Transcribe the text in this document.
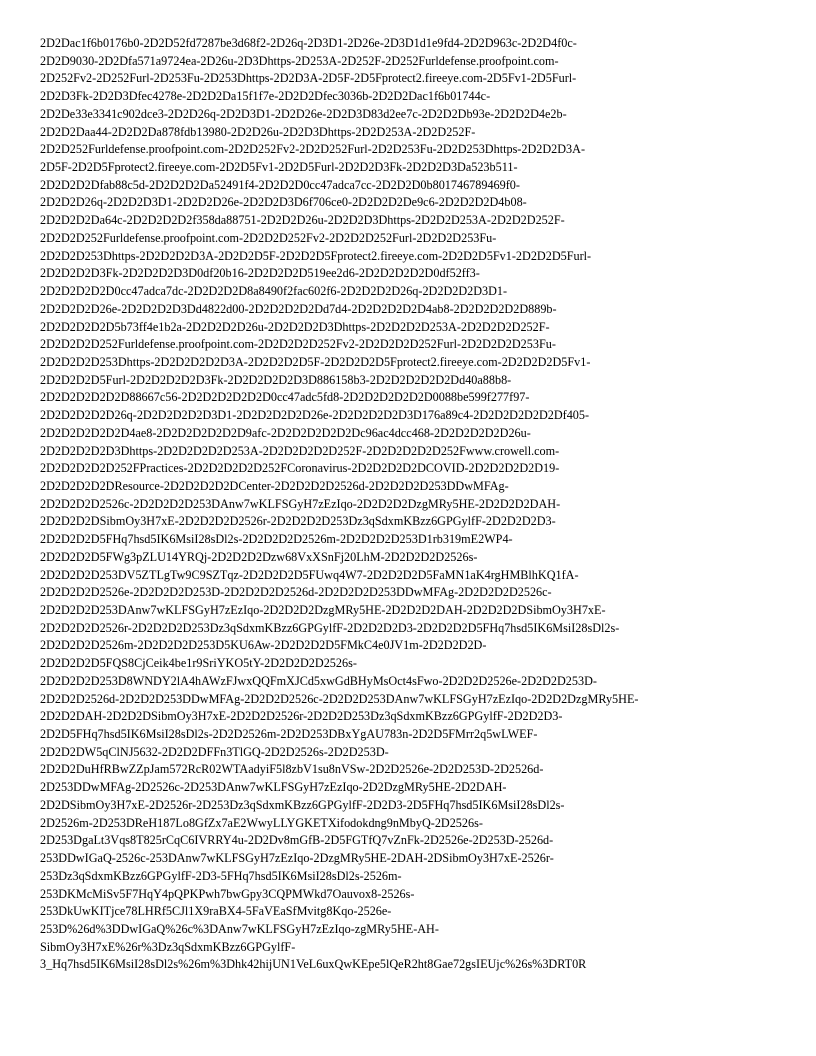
2D2Dac1f6b0176b0-2D2D52fd7287be3d68f2-2D26q-2D3D1-2D26e-2D3D1d1e9fd4-2D2D963c-2D2D4f0c-
2D2D9030-2D2Dfa571a9724ea-2D26u-2D3Dhttps-2D253A-2D252F-2D252Furldefense.proofpoint.com-
2D252Fv2-2D252Furl-2D253Fu-2D253Dhttps-2D2D3A-2D5F-2D5Fprotect2.fireeye.com-2D5Fv1-2D5Furl-
2D2D3Fk-2D2D3Dfec4278e-2D2D2Da15f1f7e-2D2D2Dfec3036b-2D2D2Dac1f6b01744c-
2D2De33e3341c902dce3-2D2D26q-2D2D3D1-2D2D26e-2D2D3D83d2ee7c-2D2D2Db93e-2D2D2D4e2b-
2D2D2Daa44-2D2D2Da878fdb13980-2D2D26u-2D2D3Dhttps-2D2D253A-2D2D252F-
2D2D252Furldefense.proofpoint.com-2D2D252Fv2-2D2D252Furl-2D2D253Fu-2D2D253Dhttps-2D2D2D3A-
2D5F-2D2D5Fprotect2.fireeye.com-2D2D5Fv1-2D2D5Furl-2D2D2D3Fk-2D2D2D3Da523b511-
2D2D2D2Dfab88c5d-2D2D2D2Da52491f4-2D2D2D0cc47adca7cc-2D2D2D0b801746789469f0-
2D2D2D26q-2D2D2D3D1-2D2D2D26e-2D2D2D3D6f706ce0-2D2D2D2De9c6-2D2D2D2D4b08-
2D2D2D2Da64c-2D2D2D2D2f358da88751-2D2D2D26u-2D2D2D3Dhttps-2D2D2D253A-2D2D2D252F-
2D2D2D252Furldefense.proofpoint.com-2D2D2D252Fv2-2D2D2D252Furl-2D2D2D253Fu-
2D2D2D253Dhttps-2D2D2D2D3A-2D2D2D5F-2D2D2D5Fprotect2.fireeye.com-2D2D2D5Fv1-2D2D2D5Furl-
2D2D2D2D3Fk-2D2D2D2D3D0df20b16-2D2D2D2D519ee2d6-2D2D2D2D2D0df52ff3-
2D2D2D2D2D0cc47adca7dc-2D2D2D2D8a8490f2fac602f6-2D2D2D2D26q-2D2D2D2D3D1-
2D2D2D2D26e-2D2D2D2D3Dd4822d00-2D2D2D2D2Dd7d4-2D2D2D2D2D4ab8-2D2D2D2D2D889b-
2D2D2D2D2D5b73ff4e1b2a-2D2D2D2D26u-2D2D2D2D3Dhttps-2D2D2D2D253A-2D2D2D2D252F-
2D2D2D2D252Furldefense.proofpoint.com-2D2D2D2D252Fv2-2D2D2D2D252Furl-2D2D2D2D253Fu-
2D2D2D2D253Dhttps-2D2D2D2D2D3A-2D2D2D2D5F-2D2D2D2D5Fprotect2.fireeye.com-2D2D2D2D5Fv1-
2D2D2D2D5Furl-2D2D2D2D2D3Fk-2D2D2D2D2D3D886158b3-2D2D2D2D2D2Dd40a88b8-
2D2D2D2D2D2D88667c56-2D2D2D2D2D2D0cc47adc5fd8-2D2D2D2D2D2D0088be599f277f97-
2D2D2D2D2D26q-2D2D2D2D2D3D1-2D2D2D2D2D26e-2D2D2D2D2D3D176a89c4-2D2D2D2D2D2Df405-
2D2D2D2D2D2D4ae8-2D2D2D2D2D2D9afc-2D2D2D2D2D2Dc96ac4dcc468-2D2D2D2D2D26u-
2D2D2D2D2D3Dhttps-2D2D2D2D2D253A-2D2D2D2D2D252F-2D2D2D2D2D252Fwww.crowell.com-
2D2D2D2D2D252FPractices-2D2D2D2D2D252FCoronavirus-2D2D2D2D2DCOVID-2D2D2D2D2D19-
2D2D2D2D2DResource-2D2D2D2D2DCenter-2D2D2D2D2526d-2D2D2D2D253DDwMFAg-
2D2D2D2D2526c-2D2D2D2D253DAnw7wKLFSGyH7zEzIqo-2D2D2D2DzgMRy5HE-2D2D2D2DAH-
2D2D2D2DSibmOy3H7xE-2D2D2D2D2526r-2D2D2D2D253Dz3qSdxmKBzz6GPGylfF-2D2D2D2D3-
2D2D2D2D5FHq7hsd5IK6MsiI28sDl2s-2D2D2D2D2526m-2D2D2D2D253D1rb319mE2WP4-
2D2D2D2D5FWg3pZLU14YRQj-2D2D2D2Dzw68VxXSnFj20LhM-2D2D2D2D2526s-
2D2D2D2D253DV5ZTLgTw9C9SZTqz-2D2D2D2D5FUwq4W7-2D2D2D2D5FaMN1aK4rgHMBlhKQ1fA-
2D2D2D2D2526e-2D2D2D2D253D-2D2D2D2D2526d-2D2D2D2D253DDwMFAg-2D2D2D2D2526c-
2D2D2D2D253DAnw7wKLFSGyH7zEzIqo-2D2D2D2DzgMRy5HE-2D2D2D2DAH-2D2D2D2DSibmOy3H7xE-
2D2D2D2D2526r-2D2D2D2D253Dz3qSdxmKBzz6GPGylfF-2D2D2D2D3-2D2D2D2D5FHq7hsd5IK6MsiI28sDl2s-
2D2D2D2D2526m-2D2D2D2D253D5KU6Aw-2D2D2D2D5FMkC4e0JV1m-2D2D2D2D-
2D2D2D2D5FQS8CjCeik4be1r9SriYKO5tY-2D2D2D2D2526s-
2D2D2D2D253D8WNDY2lA4hAWzFJwxQQFmXJCd5xwGdBHyMsOct4sFwo-2D2D2D2526e-2D2D2D253D-
2D2D2D2526d-2D2D2D253DDwMFAg-2D2D2D2526c-2D2D2D253DAnw7wKLFSGyH7zEzIqo-2D2D2DzgMRy5HE-
2D2D2DAH-2D2D2DSibmOy3H7xE-2D2D2D2526r-2D2D2D253Dz3qSdxmKBzz6GPGylfF-2D2D2D3-
2D2D5FHq7hsd5IK6MsiI28sDl2s-2D2D2526m-2D2D253DBxYgAU783n-2D2D5FMrr2q5wLWEF-
2D2D2DW5qClNJ5632-2D2D2DFFn3TlGQ-2D2D2526s-2D2D253D-
2D2D2DuHfRBwZZpJam572RcR02WTAadyiF5l8zbV1su8nVSw-2D2D2526e-2D2D253D-2D2526d-
2D253DDwMFAg-2D2526c-2D253DAnw7wKLFSGyH7zEzIqo-2D2DzgMRy5HE-2D2DAH-
2D2DSibmOy3H7xE-2D2526r-2D253Dz3qSdxmKBzz6GPGylfF-2D2D3-2D5FHq7hsd5IK6MsiI28sDl2s-
2D2526m-2D253DReH187Lo8GfZx7aE2WwyLLYGKETXifodokdng9nMbyQ-2D2526s-
2D253DgaLt3Vqs8T825rCqC6IVRRY4u-2D2Dv8mGfB-2D5FGTfQ7vZnFk-2D2526e-2D253D-2526d-
253DDwIGaQ-2526c-253DAnw7wKLFSGyH7zEzIqo-2DzgMRy5HE-2DAH-2DSibmOy3H7xE-2526r-
253Dz3qSdxmKBzz6GPGylfF-2D3-5FHq7hsd5IK6MsiI28sDl2s-2526m-
253DKMcMiSv5F7HqY4pQPKPwh7bwGpy3CQPMWkd7Oauvox8-2526s-
253DkUwKITjce78LHRf5CJl1X9raBX4-5FaVEaSfMvitg8Kqo-2526e-
253D%26d%3DDwIGaQ%26c%3DAnw7wKLFSGyH7zEzIqo-zgMRy5HE-AH-
SibmOy3H7xE%26r%3Dz3qSdxmKBzz6GPGylfF-
3_Hq7hsd5IK6MsiI28sDl2s%26m%3Dhk42hijUN1VeL6uxQwKEpe5lQeR2ht8Gae72gsIEUjc%26s%3DRT0R
